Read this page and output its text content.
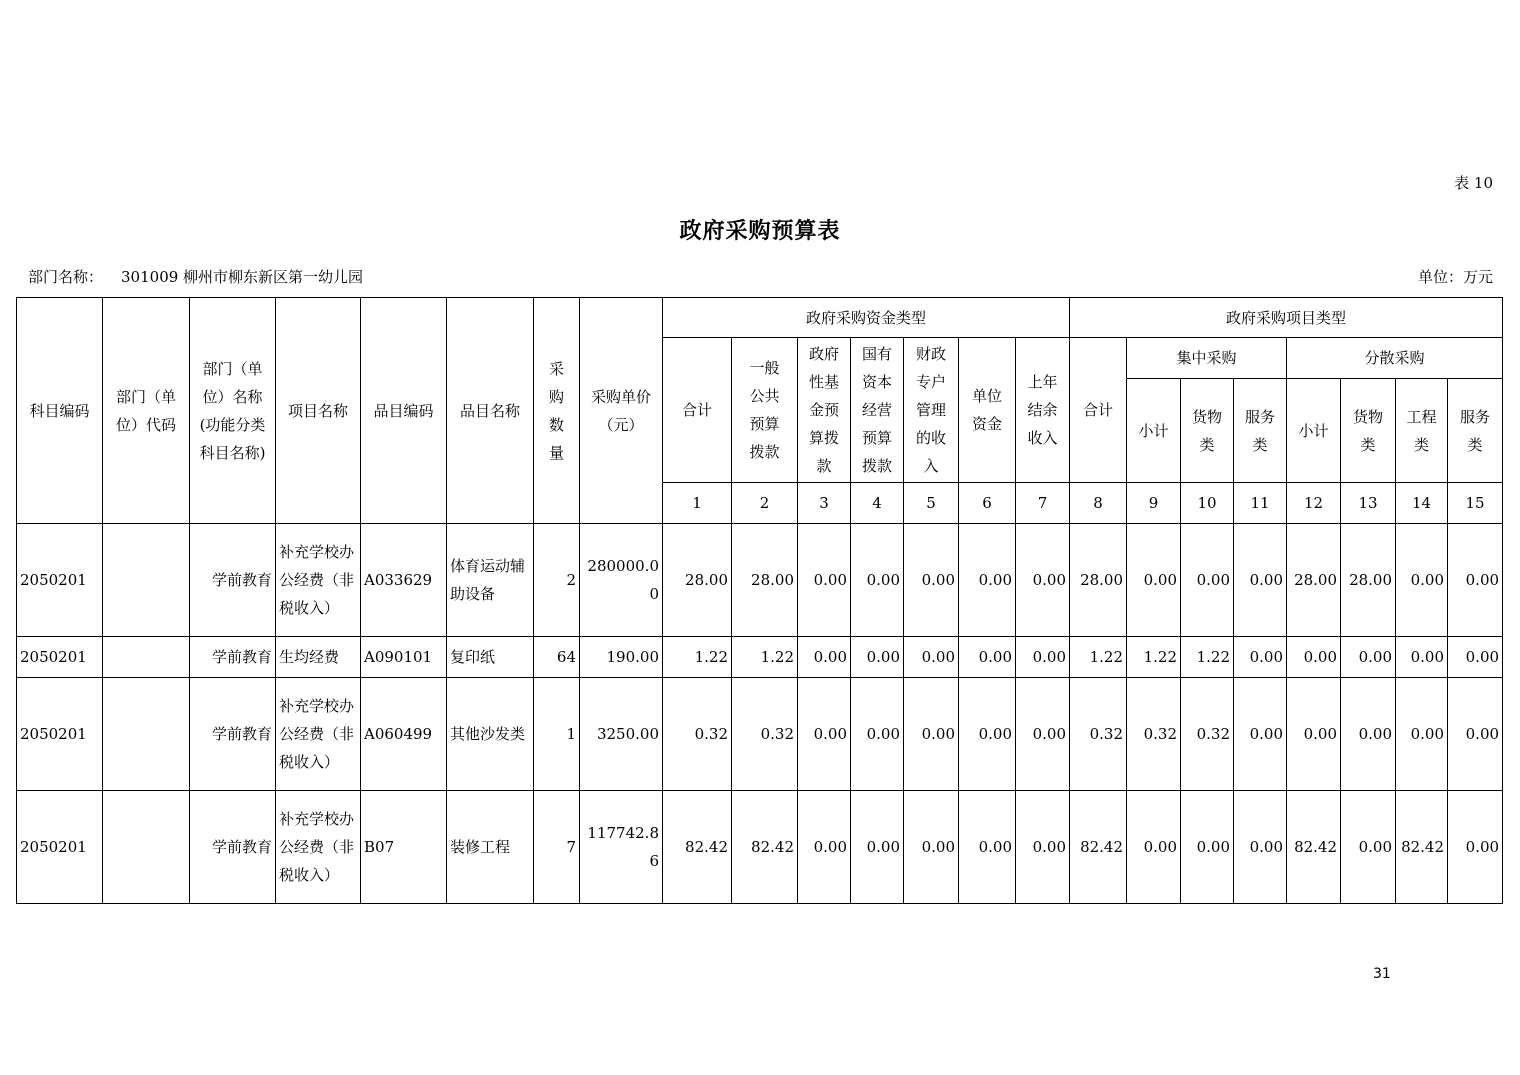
表 10
政府采购预算表
部门名称： 301009 柳州市柳东新区第一幼儿园	单位：万元
科目编码	部门（单位）代码	部门（单位）名称(功能分类科目名称)	项目名称	品目编码	品目名称	采购数量	采购单价（元）	政府采购资金类型							政府采购项目类型							
								合计	一般公共预算拨款	政府性基金预算拨款	国有资本经营预算拨款	财政专户管理的收入	单位资金	上年结余收入	合计	集中采购			分散采购			
																小计	货物类	服务类	小计	货物类	工程类	服务类
								1	2	3	4	5	6	7	8	9	10	11	12	13	14	15
2050201		学前教育	补充学校办公经费（非税收入）	A033629	体育运动辅助设备	2	280000.00	28.00	28.00	0.00	0.00	0.00	0.00	0.00	28.00	0.00	0.00	0.00	28.00	28.00	0.00	0.00
2050201		学前教育	生均经费	A090101	复印纸	64	190.00	1.22	1.22	0.00	0.00	0.00	0.00	0.00	1.22	1.22	1.22	0.00	0.00	0.00	0.00	0.00
2050201		学前教育	补充学校办公经费（非税收入）	A060499	其他沙发类	1	3250.00	0.32	0.32	0.00	0.00	0.00	0.00	0.00	0.32	0.32	0.32	0.00	0.00	0.00	0.00	0.00
2050201		学前教育	补充学校办公经费（非税收入）	B07	装修工程	7	117742.86	82.42	82.42	0.00	0.00	0.00	0.00	0.00	82.42	0.00	0.00	0.00	82.42	0.00	82.42	0.00
31
